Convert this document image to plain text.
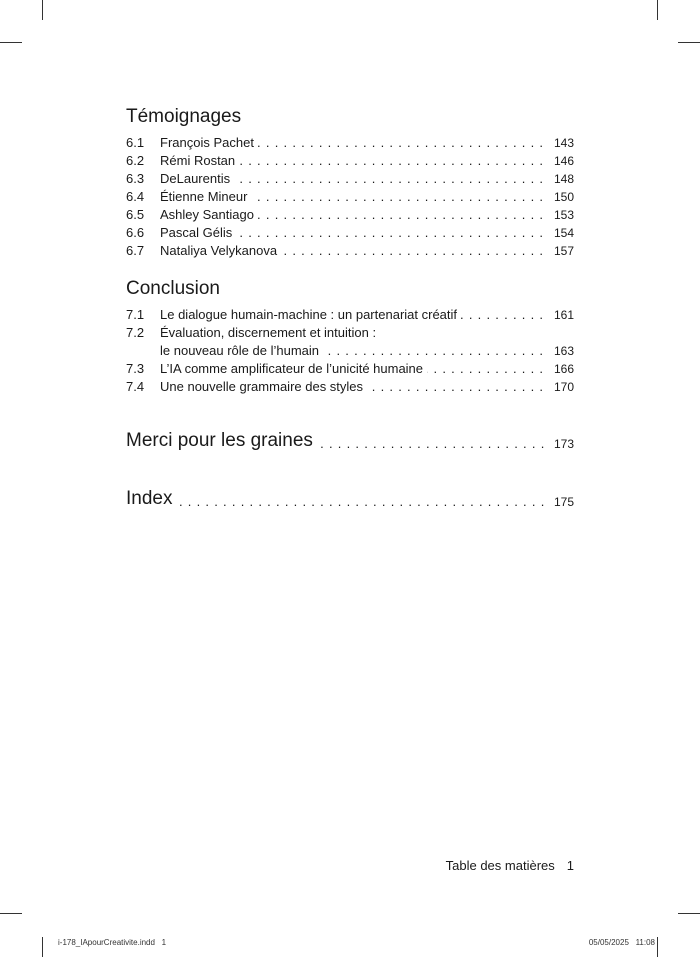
Témoignages
6.1 François Pachet . . .	143
6.2 Rémi Rostan . . .	146
6.3 DeLaurentis . . .	148
6.4 Étienne Mineur . . .	150
6.5 Ashley Santiago . . .	153
6.6 Pascal Gélis . . .	154
6.7 Nataliya Velykanova . . .	157
Conclusion
7.1 Le dialogue humain-machine : un partenariat créatif . . .	161
7.2 Évaluation, discernement et intuition :
le nouveau rôle de l’humain . . .	163
7.3 L’IA comme amplificateur de l’unicité humaine . . .	166
7.4 Une nouvelle grammaire des styles . . .	170
Merci pour les graines . . .	173
Index . . .	175
Table des matières 1
i-178_IApourCreativite.indd   1	05/05/2025   11:08
